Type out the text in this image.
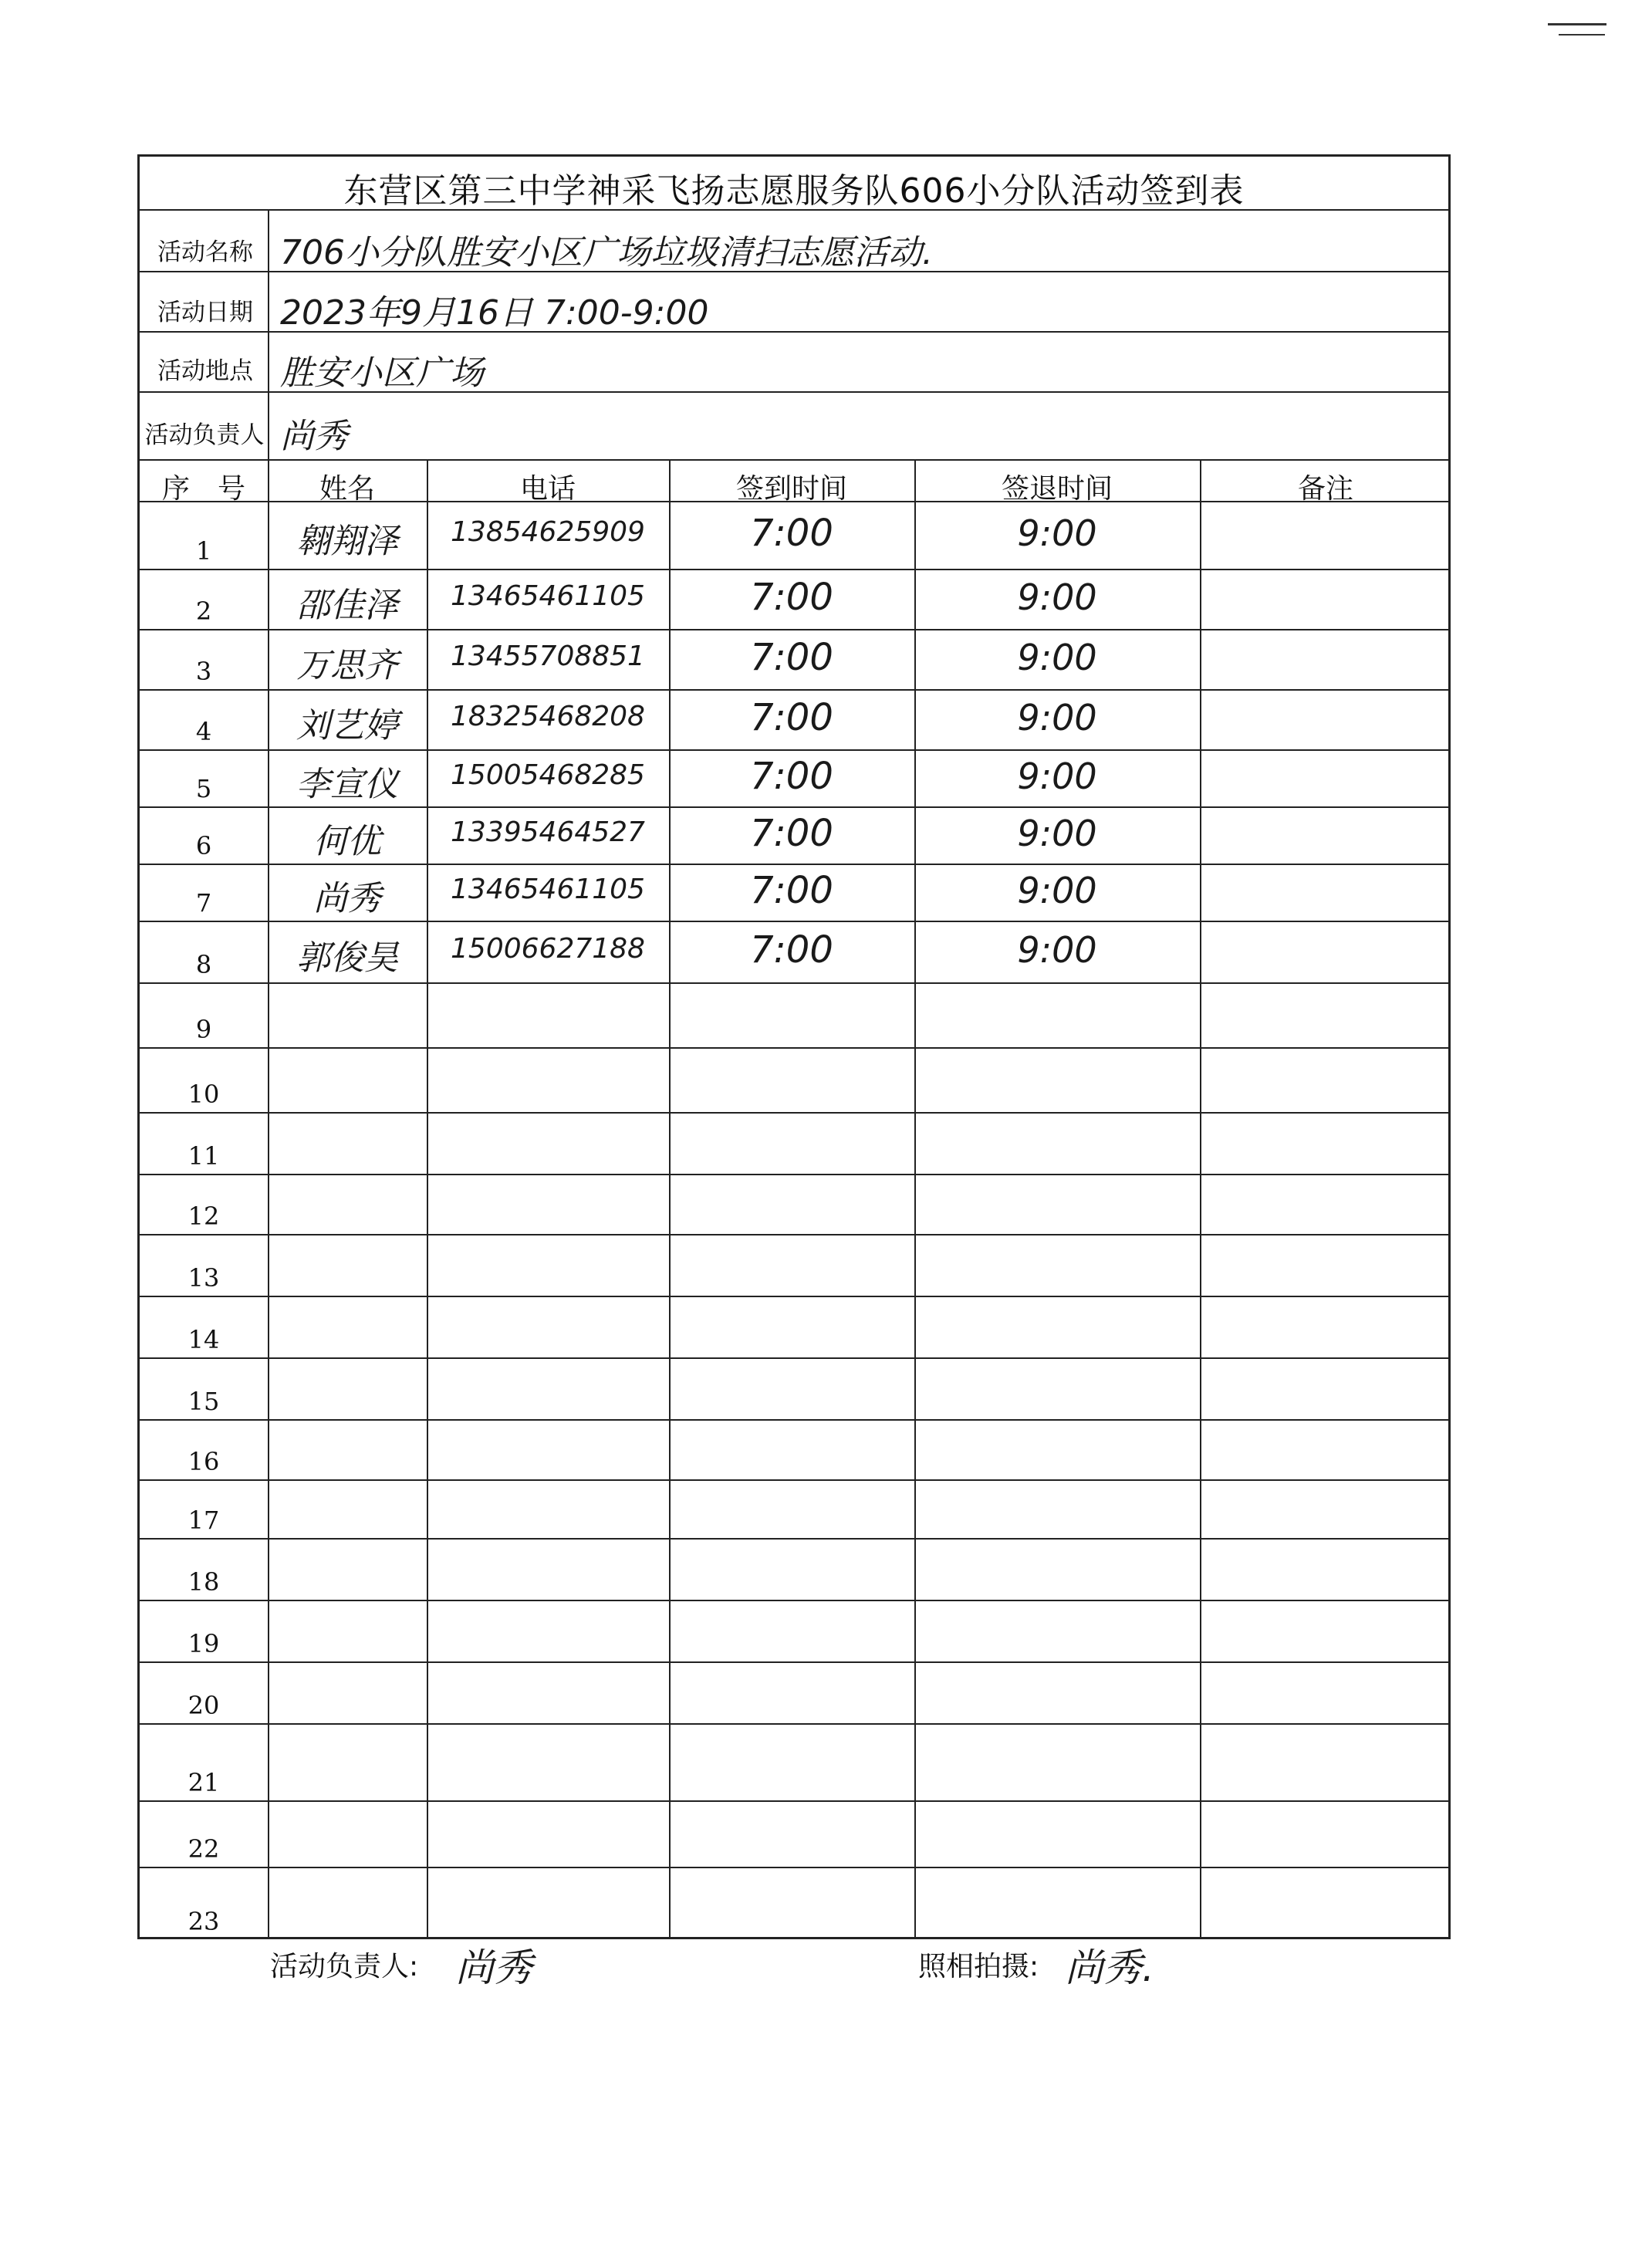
东营区第三中学神采飞扬志愿服务队606小分队活动签到表
活动名称 706小分队胜安小区广场垃圾清扫志愿活动.
活动日期 2023年9月16日 7:00-9:00
活动地点 胜安小区广场
活动负责人 尚秀
序　号	姓名	电话	签到时间	签退时间	备注
1	翱翔泽	13854625909	7:00	9:00
2	邵佳泽	13465461105	7:00	9:00
3	万思齐	13455708851	7:00	9:00
4	刘艺婷	18325468208	7:00	9:00
5	李宣仪	15005468285	7:00	9:00
6	何优	13395464527	7:00	9:00
7	尚秀	13465461105	7:00	9:00
8	郭俊昊	15006627188	7:00	9:00
9
10
11
12
13
14
15
16
17
18
19
20
21
22
23
活动负责人: 尚秀	照相拍摄: 尚秀.
